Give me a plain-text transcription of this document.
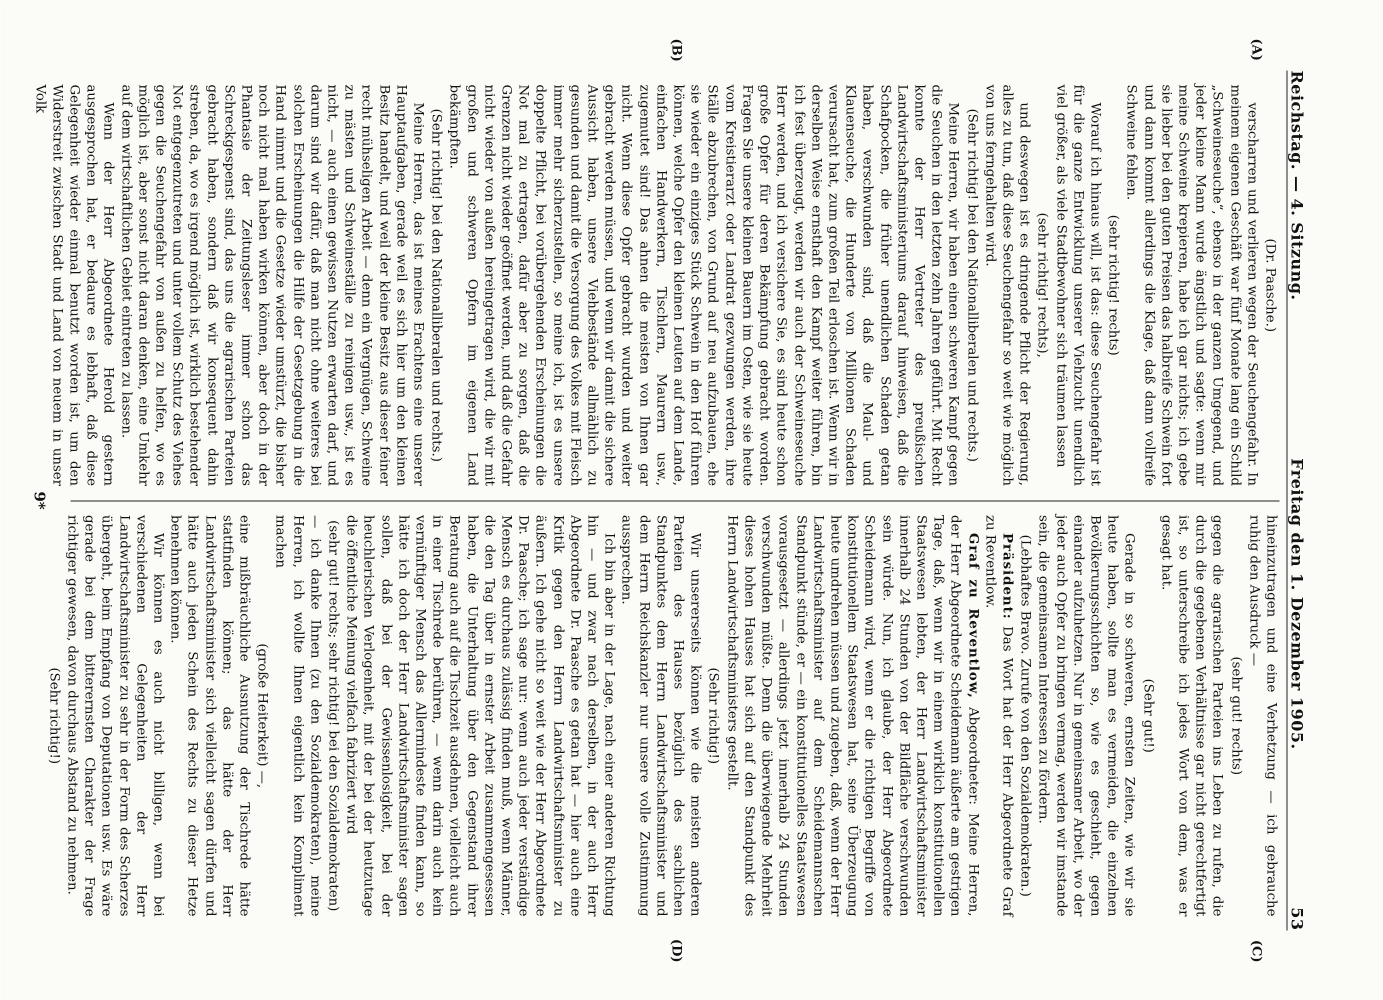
Reichstag. — 4. Sitzung.
Freitag den 1. Dezember 1905.
53
(A)
(B)
(C)
(D)

(Dr. Paasche.)

verscharren und verlieren wegen der Seuchengefahr. In meinem eigenen Geschäft war fünf Monate lang ein Schild „Schweineseuche“, ebenso in der ganzen Umgegend, und jeder kleine Mann wurde ängstlich und sagte: wenn mir meine Schweine krepieren, habe ich gar nichts; ich gebe sie lieber bei den guten Preisen das halbreife Schwein fort und dann kommt allerdings die Klage, daß dann vollreife Schweine fehlen.

(sehr richtig! rechts)

Worauf ich hinaus will, ist das: diese Seuchengefahr ist für die ganze Entwicklung unserer Viehzucht unendlich viel größer, als viele Stadtbewohner sich träumen lassen

(sehr richtig! rechts),

und deswegen ist es dringende Pflicht der Regierung, alles zu tun, daß diese Seuchengefahr so weit wie möglich von uns ferngehalten wird.

(Sehr richtig! bei den Nationalliberalen und rechts.)

Meine Herren, wir haben einen schweren Kampf gegen die Seuchen in den letzten zehn Jahren geführt. Mit Recht konnte der Herr Vertreter des preußischen Landwirtschaftsministeriums darauf hinweisen, daß die Schafpocken, die früher unendlichen Schaden getan haben, verschwunden sind, daß die Maul- und Klauenseuche, die Hunderte von Millionen Schaden verursacht hat, zum großen Teil erloschen ist. Wenn wir in derselben Weise ernsthaft den Kampf weiter führen, bin ich fest überzeugt, werden wir auch der Schweineseuche Herr werden, und ich versichere Sie, es sind heute schon große Opfer für deren Bekämpfung gebracht worden. Fragen Sie unsere kleinen Bauern im Osten, wie sie heute vom Kreistierarzt oder Landrat gezwungen werden, ihre Ställe abzubrechen, von Grund auf neu aufzubauen, ehe sie wieder ein einziges Stück Schwein in den Hof führen können, welche Opfer den kleinen Leuten auf dem Lande, einfachen Handwerkern, Tischlern, Maurern usw., zugemutet sind! Das ahnen die meisten von Ihnen gar nicht. Wenn diese Opfer gebracht wurden und weiter gebracht werden müssen, und wenn wir damit die sichere Aussicht haben, unsere Viehbestände allmählich zu gesunden und damit die Versorgung des Volkes mit Fleisch immer mehr sicherzustellen, so meine ich, ist es unsere doppelte Pflicht, bei vorübergehenden Erscheinungen die Not mal zu ertragen, dafür aber zu sorgen, daß die Grenzen nicht wieder geöffnet werden, und daß die Gefahr nicht wieder von außen hereingetragen wird, die wir mit großen und schweren Opfern im eigenen Land bekämpften.

(Sehr richtig! bei den Nationalliberalen und rechts.)

Meine Herren, das ist meines Erachtens eine unserer Hauptaufgaben, gerade weil es sich hier um den kleinen Besitz handelt, und weil der kleine Besitz aus dieser feiner recht mühseligen Arbeit — denn ein Vergnügen, Schweine zu mästen und Schweineställe zu reinigen usw., ist es nicht, — auch einen gewissen Nutzen erwarten darf, und darum sind wir dafür, daß man nicht ohne weiteres bei solchen Erscheinungen die Hilfe der Gesetzgebung in die Hand nimmt und die Gesetze wieder umstürzt, die bisher noch nicht mal haben wirken können, aber doch in der Phantasie der Zeitungsleser immer schon das Schreckgespenst sind, das uns die agrarischen Parteien gebracht haben, sondern daß wir konsequent dahin streben, da, wo es irgend möglich ist, wirklich bestehender Not entgegenzutreten und unter vollem Schutz des Viehes gegen die Seuchengefahr von außen zu helfen, wo es möglich ist, aber sonst nicht daran denken, eine Umkehr auf dem wirtschaftlichen Gebiet eintreten zu lassen.

Wenn der Herr Abgeordnete Herold gestern ausgesprochen hat, er bedaure es lebhaft, daß diese Gelegenheit wieder einmal benutzt worden ist, um den Widerstreit zwischen Stadt und Land von neuem in unser Volk

hineinzutragen und eine Verhetzung — ich gebrauche ruhig den Ausdruck —

(sehr gut! rechts)

gegen die agrarischen Parteien ins Leben zu rufen, die durch die gegebenen Verhältnisse gar nicht gerechtfertigt ist, so unterschreibe ich jedes Wort von dem, was er gesagt hat.

(Sehr gut!)

Gerade in so schweren, ernsten Zeiten, wie wir sie heute haben, sollte man es vermeiden, die einzelnen Bevölkerungsschichten so, wie es geschieht, gegen einander aufzuhetzen. Nur in gemeinsamer Arbeit, wo der jeder auch Opfer zu bringen vermag, werden wir imstande sein, die gemeinsamen Interessen zu fördern.

(Lebhaftes Bravo. Zurufe von den Sozialdemokraten.)

Präsident: Das Wort hat der Herr Abgeordnete Graf zu Reventlow.

Graf zu Reventlow, Abgeordneter: Meine Herren, der Herr Abgeordnete Scheidemann äußerte am gestrigen Tage, daß, wenn wir in einem wirklich konstitutionellen Staatswesen lebten, der Herr Landwirtschaftsminister innerhalb 24 Stunden von der Bildfläche verschwunden sein würde. Nun, ich glaube, der Herr Abgeordnete Scheidemann wird, wenn er die richtigen Begriffe von konstitutionellem Staatswesen hat, seine Überzeugung heute umdrehen müssen und zugeben, daß, wenn der Herr Landwirtschaftsminister auf dem Scheidemannschen Standpunkt stünde, er — ein konstitutionelles Staatswesen vorausgesetzt — allerdings jetzt innerhalb 24 Stunden verschwunden müßte. Denn die überwiegende Mehrheit dieses hohen Hauses hat sich auf den Standpunkt des Herrn Landwirtschaftsministers gestellt.

(Sehr richtig!)

Wir unsererseits können wie die meisten anderen Parteien des Hauses bezüglich des sachlichen Standpunktes dem Herrn Landwirtschaftsminister und dem Herrn Reichskanzler nur unsere volle Zustimmung aussprechen.

Ich bin aber in der Lage, nach einer anderen Richtung hin — und zwar nach derselben, in der auch Herr Abgeordnete Dr. Paasche es getan hat — hier auch eine Kritik gegen den Herrn Landwirtschaftsminister zu äußern. Ich gehe nicht so weit wie der Herr Abgeordnete Dr. Paasche; ich sage nur: wenn auch jeder verständige Mensch es durchaus zulässig finden muß, wenn Männer, die den Tag über in ernster Arbeit zusammengesessen haben, die Unterhaltung über den Gegenstand ihrer Beratung auch auf die Tischzeit ausdehnen, vielleicht auch in einer Tischrede berühren, — wenn darin auch kein vernünftiger Mensch das Allermindeste finden kann, so hätte ich doch der Herr Landwirtschaftsminister sagen sollen, daß bei der Gewissenlosigkeit, bei der heuchlerischen Verlogenheit, mit der bei der heutzutage die öffentliche Meinung vielfach fabriziert wird

(sehr gut! rechts; sehr richtig! bei den Sozialdemokraten)

— ich danke Ihnen (zu den Sozialdemokraten), meine Herren, ich wollte Ihnen eigentlich kein Kompliment machen

(große Heiterkeit) —,

eine mißbräuchliche Ausnutzung der Tischrede hätte stattfinden können; das hätte der Herr Landwirtschaftsminister sich vielleicht sagen dürfen und hätte auch jeden Schein des Rechts zu dieser Hetze benehmen können.

Wir können es auch nicht billigen, wenn bei verschiedenen Gelegenheiten der Herr Landwirtschaftsminister zu sehr in der Form des Scherzes übergeht, beim Empfang von Deputationen usw. Es wäre gerade bei dem bitterernsten Charakter der Frage richtiger gewesen, davon durchaus Abstand zu nehmen.

(Sehr richtig!)

9*
